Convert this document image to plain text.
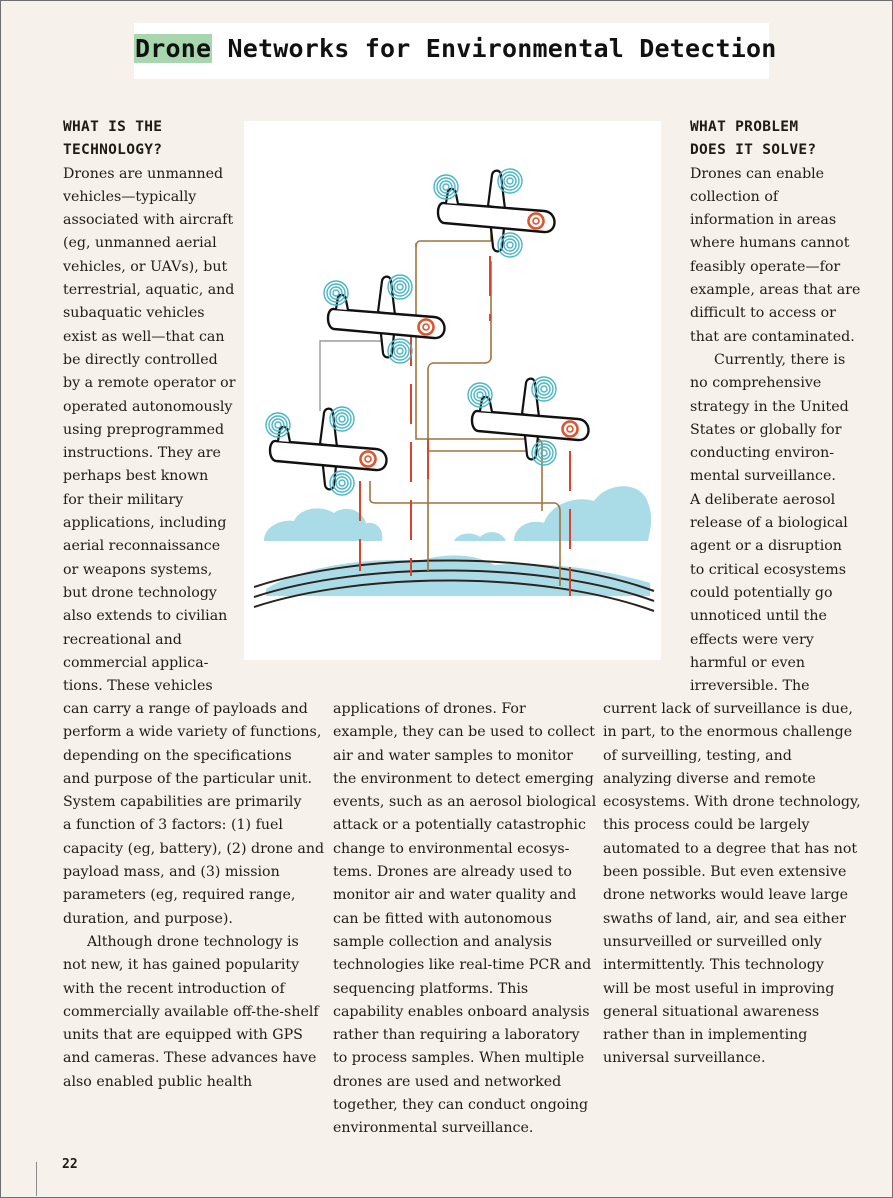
Drone Networks for Environmental Detection

WHAT IS THE

TECHNOLOGY?

Drones are unmanned

vehicles—typically

associated with aircraft

(eg, unmanned aerial

vehicles, or UAVs), but

terrestrial, aquatic, and

subaquatic vehicles

exist as well—that can

be directly controlled

by a remote operator or

operated autonomously

using preprogrammed

instructions. They are

perhaps best known

for their military

applications, including

aerial reconnaissance

or weapons systems,

but drone technology

also extends to civilian

recreational and

commercial applica-

tions. These vehicles

WHAT PROBLEM

DOES IT SOLVE?

Drones can enable

collection of

information in areas

where humans cannot

feasibly operate—for

example, areas that are

difficult to access or

that are contaminated.

Currently, there is

no comprehensive

strategy in the United

States or globally for

conducting environ-

mental surveillance.

A deliberate aerosol

release of a biological

agent or a disruption

to critical ecosystems

could potentially go

unnoticed until the

effects were very

harmful or even

irreversible. The

can carry a range of payloads and

perform a wide variety of functions,

depending on the specifications

and purpose of the particular unit.

System capabilities are primarily

a function of 3 factors: (1) fuel

capacity (eg, battery), (2) drone and

payload mass, and (3) mission

parameters (eg, required range,

duration, and purpose).

Although drone technology is

not new, it has gained popularity

with the recent introduction of

commercially available off-the-shelf

units that are equipped with GPS

and cameras. These advances have

also enabled public health

applications of drones. For

example, they can be used to collect

air and water samples to monitor

the environment to detect emerging

events, such as an aerosol biological

attack or a potentially catastrophic

change to environmental ecosys-

tems. Drones are already used to

monitor air and water quality and

can be fitted with autonomous

sample collection and analysis

technologies like real-time PCR and

sequencing platforms. This

capability enables onboard analysis

rather than requiring a laboratory

to process samples. When multiple

drones are used and networked

together, they can conduct ongoing

environmental surveillance.

current lack of surveillance is due,

in part, to the enormous challenge

of surveilling, testing, and

analyzing diverse and remote

ecosystems. With drone technology,

this process could be largely

automated to a degree that has not

been possible. But even extensive

drone networks would leave large

swaths of land, air, and sea either

unsurveilled or surveilled only

intermittently. This technology

will be most useful in improving

general situational awareness

rather than in implementing

universal surveillance.

22
